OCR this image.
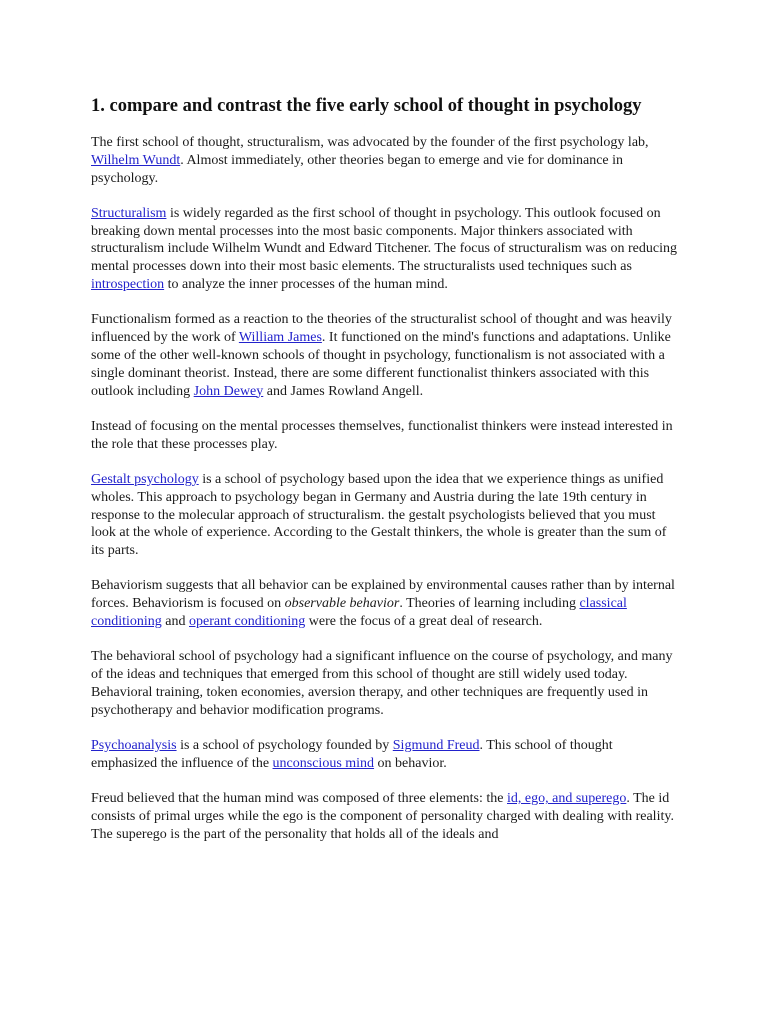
1. compare and contrast the five early school of thought in psychology

The first school of thought, structuralism, was advocated by the founder of the first psychology lab, Wilhelm Wundt. Almost immediately, other theories began to emerge and vie for dominance in psychology.

Structuralism is widely regarded as the first school of thought in psychology. This outlook focused on breaking down mental processes into the most basic components. Major thinkers associated with structuralism include Wilhelm Wundt and Edward Titchener. The focus of structuralism was on reducing mental processes down into their most basic elements. The structuralists used techniques such as introspection to analyze the inner processes of the human mind.

Functionalism formed as a reaction to the theories of the structuralist school of thought and was heavily influenced by the work of William James. It functioned on the mind's functions and adaptations. Unlike some of the other well-known schools of thought in psychology, functionalism is not associated with a single dominant theorist. Instead, there are some different functionalist thinkers associated with this outlook including John Dewey and James Rowland Angell.

Instead of focusing on the mental processes themselves, functionalist thinkers were instead interested in the role that these processes play.

Gestalt psychology is a school of psychology based upon the idea that we experience things as unified wholes. This approach to psychology began in Germany and Austria during the late 19th century in response to the molecular approach of structuralism. the gestalt psychologists believed that you must look at the whole of experience. According to the Gestalt thinkers, the whole is greater than the sum of its parts.

Behaviorism suggests that all behavior can be explained by environmental causes rather than by internal forces. Behaviorism is focused on observable behavior. Theories of learning including classical conditioning and operant conditioning were the focus of a great deal of research.

The behavioral school of psychology had a significant influence on the course of psychology, and many of the ideas and techniques that emerged from this school of thought are still widely used today. Behavioral training, token economies, aversion therapy, and other techniques are frequently used in psychotherapy and behavior modification programs.

Psychoanalysis is a school of psychology founded by Sigmund Freud. This school of thought emphasized the influence of the unconscious mind on behavior.

Freud believed that the human mind was composed of three elements: the id, ego, and superego. The id consists of primal urges while the ego is the component of personality charged with dealing with reality. The superego is the part of the personality that holds all of the ideals and
